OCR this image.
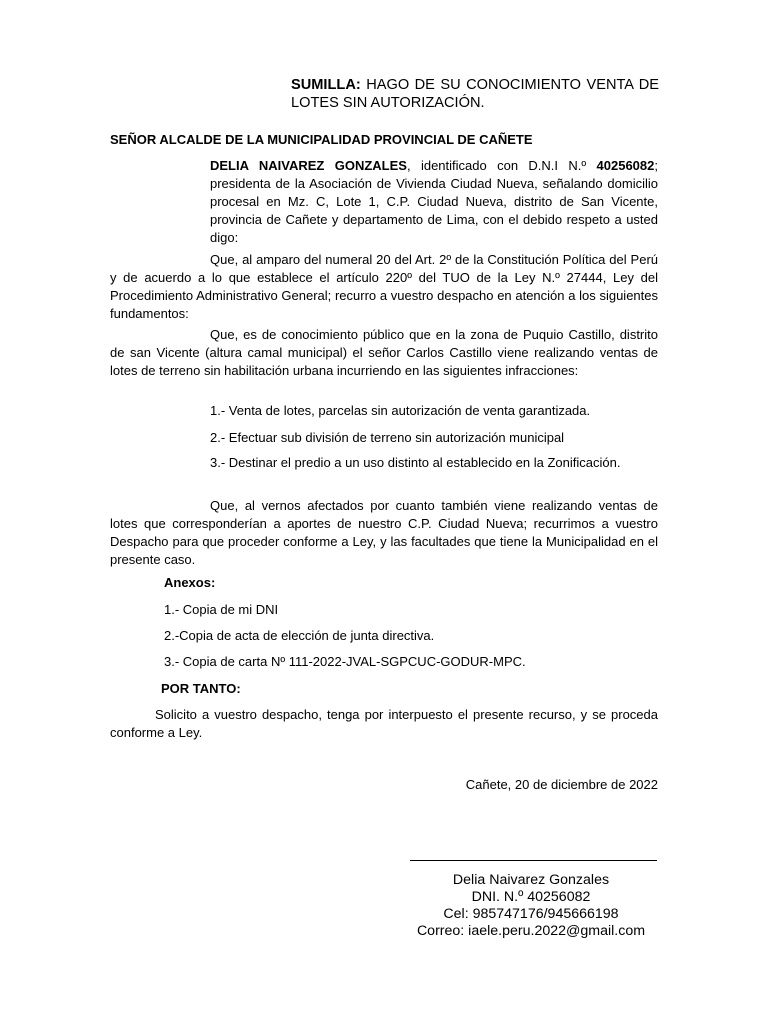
SUMILLA: HAGO DE SU CONOCIMIENTO VENTA DE LOTES SIN AUTORIZACIÓN.
SEÑOR ALCALDE DE LA MUNICIPALIDAD PROVINCIAL DE CAÑETE
DELIA NAIVAREZ GONZALES, identificado con D.N.I N.º 40256082; presidenta de la Asociación de Vivienda Ciudad Nueva, señalando domicilio procesal en Mz. C, Lote 1, C.P. Ciudad Nueva, distrito de San Vicente, provincia de Cañete y departamento de Lima, con el debido respeto a usted digo:
Que, al amparo del numeral 20 del Art. 2º de la Constitución Política del Perú y de acuerdo a lo que establece el artículo 220º del TUO de la Ley N.º 27444, Ley del Procedimiento Administrativo General; recurro a vuestro despacho en atención a los siguientes fundamentos:
Que, es de conocimiento público que en la zona de Puquio Castillo, distrito de san Vicente (altura camal municipal) el señor Carlos Castillo viene realizando ventas de lotes de terreno sin habilitación urbana incurriendo en las siguientes infracciones:
1.- Venta de lotes, parcelas sin autorización de venta garantizada.
2.- Efectuar sub división de terreno sin autorización municipal
3.- Destinar el predio a un uso distinto al establecido en la Zonificación.
Que, al vernos afectados por cuanto también viene realizando ventas de lotes que corresponderían a aportes de nuestro C.P. Ciudad Nueva; recurrimos a vuestro Despacho para que proceder conforme a Ley, y las facultades que tiene la Municipalidad en el presente caso.
Anexos:
1.- Copia de mi DNI
2.-Copia de acta de elección de junta directiva.
3.- Copia de carta Nº 111-2022-JVAL-SGPCUC-GODUR-MPC.
POR TANTO:
Solicito a vuestro despacho, tenga por interpuesto el presente recurso, y se proceda conforme a Ley.
Cañete, 20 de diciembre de 2022
Delia Naivarez Gonzales
DNI. N.º 40256082
Cel: 985747176/945666198
Correo: iaele.peru.2022@gmail.com
